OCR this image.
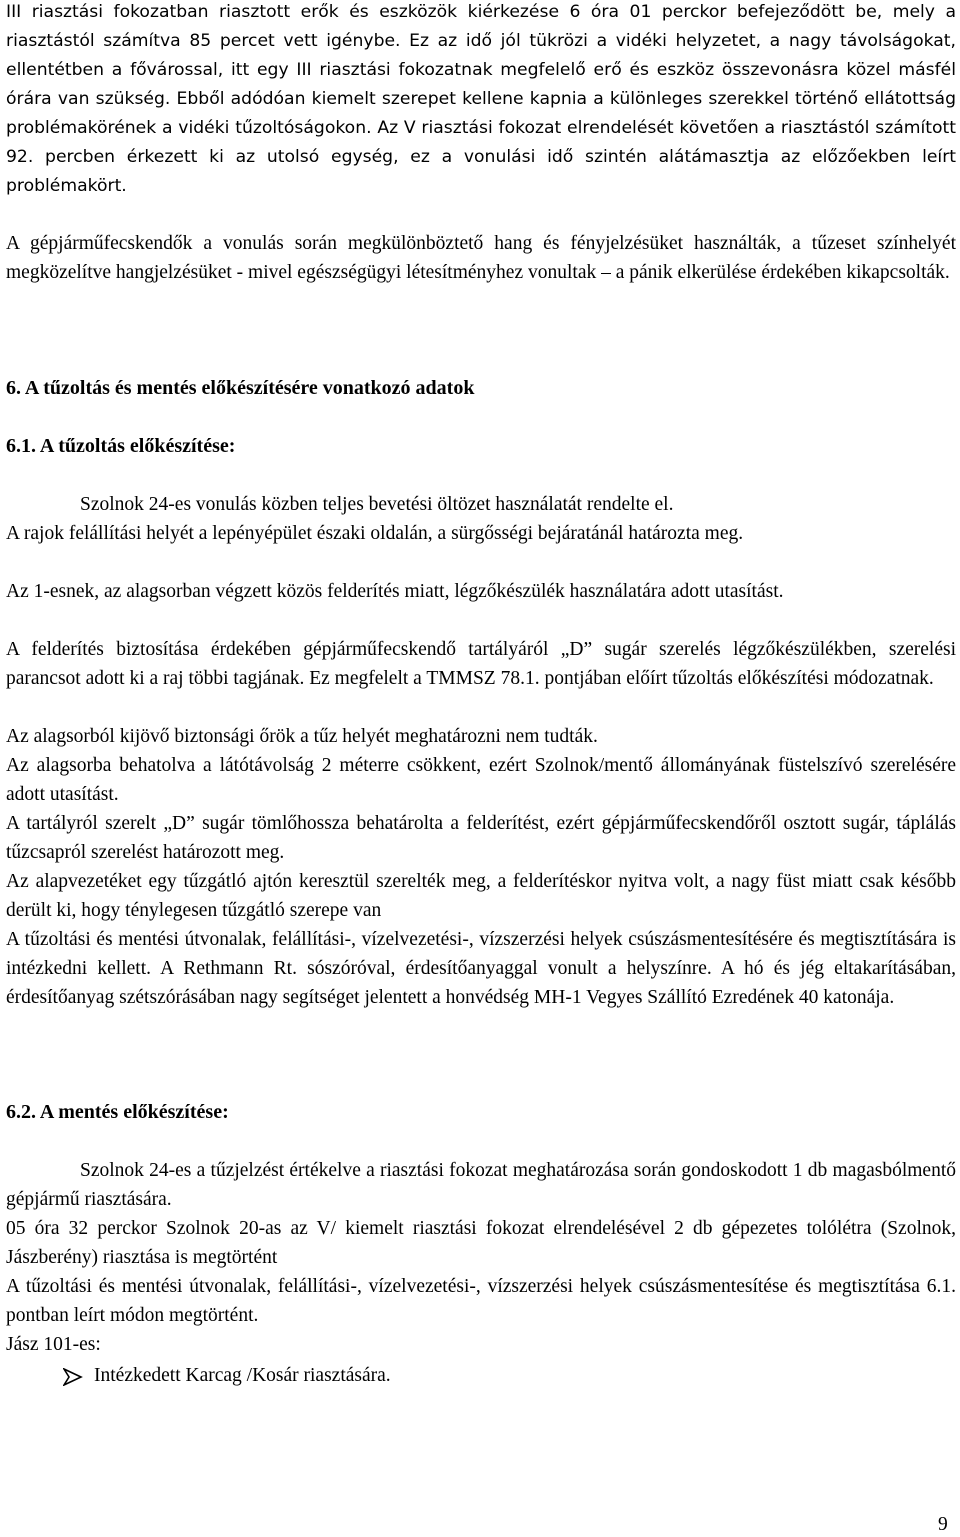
III riasztási fokozatban riasztott erők és eszközök kiérkezése 6 óra 01 perckor befejeződött be, mely a riasztástól számítva 85 percet vett igénybe. Ez az idő jól tükrözi a vidéki helyzetet, a nagy távolságokat, ellentétben a fővárossal, itt egy III riasztási fokozatnak megfelelő erő és eszköz összevonásra közel másfél órára van szükség. Ebből adódóan kiemelt szerepet kellene kapnia a különleges szerekkel történő ellátottság problémakörének a vidéki tűzoltóságokon. Az V riasztási fokozat elrendelését követően a riasztástól számított 92. percben érkezett ki az utolsó egység, ez a vonulási idő szintén alátámasztja az előzőekben leírt problémakört.

A gépjárműfecskendők a vonulás során megkülönböztető hang és fényjelzésüket használták, a tűzeset színhelyét megközelítve hangjelzésüket - mivel egészségügyi létesítményhez vonultak – a pánik elkerülése érdekében kikapcsolták.

6. A tűzoltás és mentés előkészítésére vonatkozó adatok
6.1. A tűzoltás előkészítése:

Szolnok 24-es vonulás közben teljes bevetési öltözet használatát rendelte el.

A rajok felállítási helyét a lepényépület északi oldalán, a sürgősségi bejáratánál határozta meg.

Az 1-esnek, az alagsorban végzett közös felderítés miatt, légzőkészülék használatára adott utasítást.

A felderítés biztosítása érdekében gépjárműfecskendő tartályáról „D” sugár szerelés légzőkészülékben, szerelési parancsot adott ki a raj többi tagjának. Ez megfelelt a TMMSZ 78.1. pontjában előírt tűzoltás előkészítési módozatnak.

Az alagsorból kijövő biztonsági őrök a tűz helyét meghatározni nem tudták.

Az alagsorba behatolva a látótávolság 2 méterre csökkent, ezért Szolnok/mentő állományának füstelszívó szerelésére adott utasítást.

A tartályról szerelt „D” sugár tömlőhossza behatárolta a felderítést, ezért gépjárműfecskendőről osztott sugár, táplálás tűzcsapról szerelést határozott meg.

Az alapvezetéket egy tűzgátló ajtón keresztül szerelték meg, a felderítéskor nyitva volt, a nagy füst miatt csak később derült ki, hogy ténylegesen tűzgátló szerepe van

A tűzoltási és mentési útvonalak, felállítási-, vízelvezetési-, vízszerzési helyek csúszásmentesítésére és megtisztítására is intézkedni kellett. A Rethmann Rt. sószóróval, érdesítőanyaggal vonult a helyszínre. A hó és jég eltakarításában, érdesítőanyag szétszórásában nagy segítséget jelentett a honvédség MH-1 Vegyes Szállító Ezredének 40 katonája.

6.2. A mentés előkészítése:

Szolnok 24-es a tűzjelzést értékelve a riasztási fokozat meghatározása során gondoskodott 1 db magasbólmentő gépjármű riasztására.

05 óra 32 perckor Szolnok 20-as az V/ kiemelt riasztási fokozat elrendelésével 2 db gépezetes tolólétra (Szolnok, Jászberény) riasztása is megtörtént

A tűzoltási és mentési útvonalak, felállítási-, vízelvezetési-, vízszerzési helyek csúszásmentesítése és megtisztítása 6.1. pontban leírt módon megtörtént.

Jász 101-es:
Intézkedett Karcag /Kosár riasztására.
9
